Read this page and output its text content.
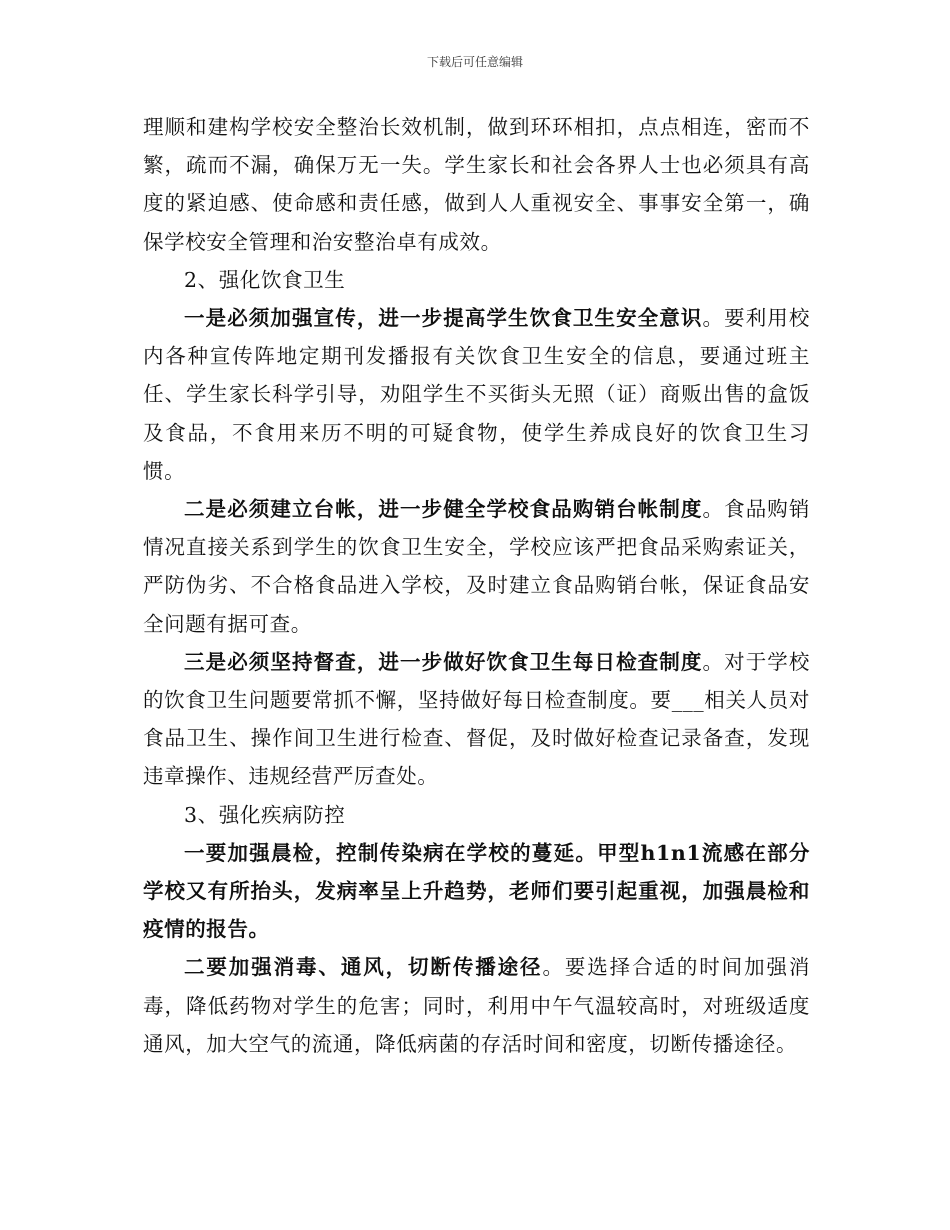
下载后可任意编辑

理顺和建构学校安全整治长效机制，做到环环相扣，点点相连，密而不繁，疏而不漏，确保万无一失。学生家长和社会各界人士也必须具有高度的紧迫感、使命感和责任感，做到人人重视安全、事事安全第一，确保学校安全管理和治安整治卓有成效。

2、强化饮食卫生

一是必须加强宣传，进一步提高学生饮食卫生安全意识。要利用校内各种宣传阵地定期刊发播报有关饮食卫生安全的信息，要通过班主任、学生家长科学引导，劝阻学生不买街头无照（证）商贩出售的盒饭及食品，不食用来历不明的可疑食物，使学生养成良好的饮食卫生习惯。

二是必须建立台帐，进一步健全学校食品购销台帐制度。食品购销情况直接关系到学生的饮食卫生安全，学校应该严把食品采购索证关，严防伪劣、不合格食品进入学校，及时建立食品购销台帐，保证食品安全问题有据可查。

三是必须坚持督查，进一步做好饮食卫生每日检查制度。对于学校的饮食卫生问题要常抓不懈，坚持做好每日检查制度。要___相关人员对食品卫生、操作间卫生进行检查、督促，及时做好检查记录备查，发现违章操作、违规经营严厉查处。

3、强化疾病防控

一要加强晨检，控制传染病在学校的蔓延。甲型h1n1流感在部分学校又有所抬头，发病率呈上升趋势，老师们要引起重视，加强晨检和疫情的报告。

二要加强消毒、通风，切断传播途径。要选择合适的时间加强消毒，降低药物对学生的危害；同时，利用中午气温较高时，对班级适度通风，加大空气的流通，降低病菌的存活时间和密度，切断传播途径。
